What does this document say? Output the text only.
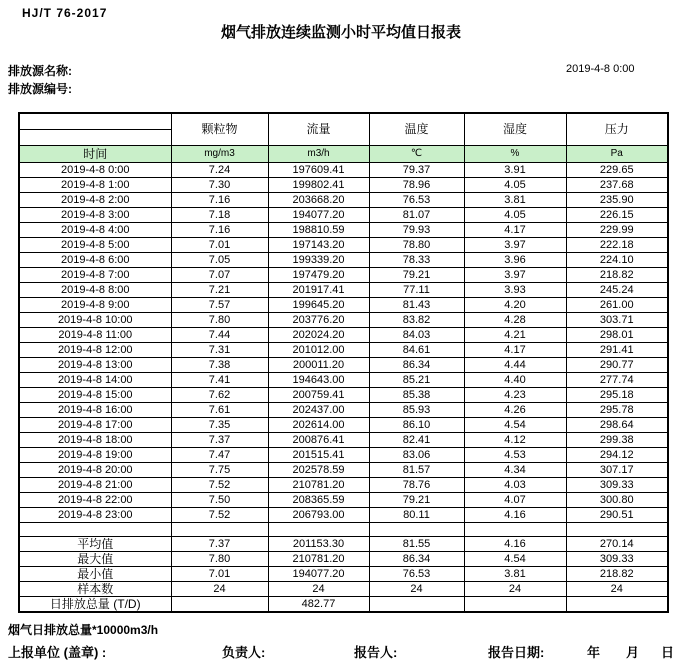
HJ/T 76-2017
烟气排放连续监测小时平均值日报表
排放源名称:
排放源编号:
2019-4-8 0:00
	颗粒物	流量	温度	湿度	压力

时间	mg/m3	m3/h	℃	%	Pa
2019-4-8 0:00	7.24	197609.41	79.37	3.91	229.65
2019-4-8 1:00	7.30	199802.41	78.96	4.05	237.68
2019-4-8 2:00	7.16	203668.20	76.53	3.81	235.90
2019-4-8 3:00	7.18	194077.20	81.07	4.05	226.15
2019-4-8 4:00	7.16	198810.59	79.93	4.17	229.99
2019-4-8 5:00	7.01	197143.20	78.80	3.97	222.18
2019-4-8 6:00	7.05	199339.20	78.33	3.96	224.10
2019-4-8 7:00	7.07	197479.20	79.21	3.97	218.82
2019-4-8 8:00	7.21	201917.41	77.11	3.93	245.24
2019-4-8 9:00	7.57	199645.20	81.43	4.20	261.00
2019-4-8 10:00	7.80	203776.20	83.82	4.28	303.71
2019-4-8 11:00	7.44	202024.20	84.03	4.21	298.01
2019-4-8 12:00	7.31	201012.00	84.61	4.17	291.41
2019-4-8 13:00	7.38	200011.20	86.34	4.44	290.77
2019-4-8 14:00	7.41	194643.00	85.21	4.40	277.74
2019-4-8 15:00	7.62	200759.41	85.38	4.23	295.18
2019-4-8 16:00	7.61	202437.00	85.93	4.26	295.78
2019-4-8 17:00	7.35	202614.00	86.10	4.54	298.64
2019-4-8 18:00	7.37	200876.41	82.41	4.12	299.38
2019-4-8 19:00	7.47	201515.41	83.06	4.53	294.12
2019-4-8 20:00	7.75	202578.59	81.57	4.34	307.17
2019-4-8 21:00	7.52	210781.20	78.76	4.03	309.33
2019-4-8 22:00	7.50	208365.59	79.21	4.07	300.80
2019-4-8 23:00	7.52	206793.00	80.11	4.16	290.51

平均值	7.37	201153.30	81.55	4.16	270.14
最大值	7.80	210781.20	86.34	4.54	309.33
最小值	7.01	194077.20	76.53	3.81	218.82
样本数	24	24	24	24	24
日排放总量 (T/D)		482.77			
烟气日排放总量*10000m3/h
上报单位 (盖章) :	负责人:	报告人:	报告日期:	年 月 日
